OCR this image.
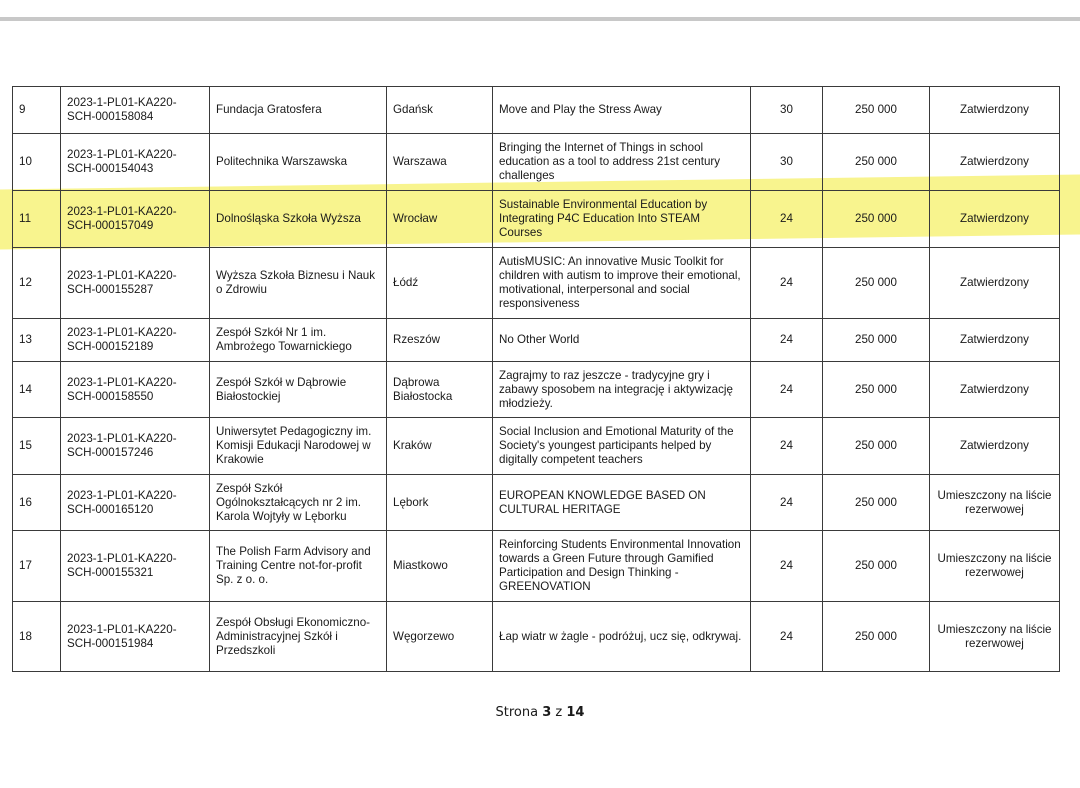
9	2023-1-PL01-KA220-SCH-000158084	Fundacja Gratosfera	Gdańsk	Move and Play the Stress Away	30	250 000	Zatwierdzony
10	2023-1-PL01-KA220-SCH-000154043	Politechnika Warszawska	Warszawa	Bringing the Internet of Things in school education as a tool to address 21st century challenges	30	250 000	Zatwierdzony
11	2023-1-PL01-KA220-SCH-000157049	Dolnośląska Szkoła Wyższa	Wrocław	Sustainable Environmental Education by Integrating P4C Education Into STEAM Courses	24	250 000	Zatwierdzony
12	2023-1-PL01-KA220-SCH-000155287	Wyższa Szkoła Biznesu i Nauk o Zdrowiu	Łódź	AutisMUSIC: An innovative Music Toolkit for children with autism to improve their emotional, motivational, interpersonal and social responsiveness	24	250 000	Zatwierdzony
13	2023-1-PL01-KA220-SCH-000152189	Zespół Szkół Nr 1 im. Ambrożego Towarnickiego	Rzeszów	No Other World	24	250 000	Zatwierdzony
14	2023-1-PL01-KA220-SCH-000158550	Zespół Szkół w Dąbrowie Białostockiej	Dąbrowa Białostocka	Zagrajmy to raz jeszcze - tradycyjne gry i zabawy sposobem na integrację i aktywizację młodzieży.	24	250 000	Zatwierdzony
15	2023-1-PL01-KA220-SCH-000157246	Uniwersytet Pedagogiczny im. Komisji Edukacji Narodowej w Krakowie	Kraków	Social Inclusion and Emotional Maturity of the Society's youngest participants helped by digitally competent teachers	24	250 000	Zatwierdzony
16	2023-1-PL01-KA220-SCH-000165120	Zespół Szkół Ogólnokształcących nr 2 im. Karola Wojtyły w Lęborku	Lębork	EUROPEAN KNOWLEDGE BASED ON CULTURAL HERITAGE	24	250 000	Umieszczony na liście rezerwowej
17	2023-1-PL01-KA220-SCH-000155321	The Polish Farm Advisory and Training Centre not-for-profit Sp. z o. o.	Miastkowo	Reinforcing Students Environmental Innovation towards a Green Future through Gamified Participation and Design Thinking - GREENOVATION	24	250 000	Umieszczony na liście rezerwowej
18	2023-1-PL01-KA220-SCH-000151984	Zespół Obsługi Ekonomiczno-Administracyjnej Szkół i Przedszkoli	Węgorzewo	Łap wiatr w żagle - podróżuj, ucz się, odkrywaj.	24	250 000	Umieszczony na liście rezerwowej
Strona 3 z 14
